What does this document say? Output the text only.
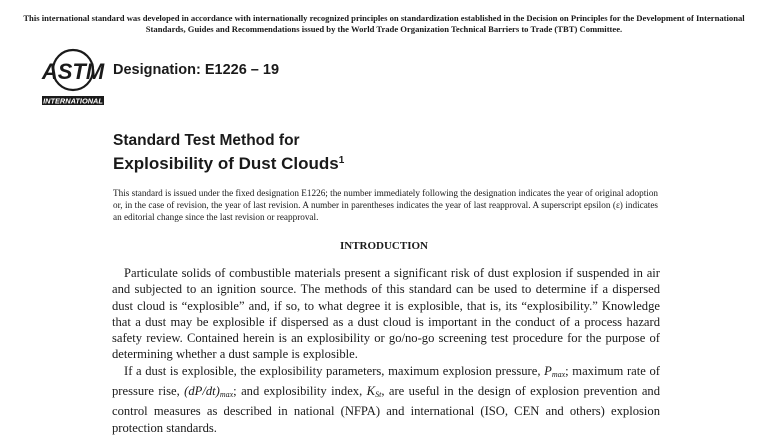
This international standard was developed in accordance with internationally recognized principles on standardization established in the Decision on Principles for the Development of International Standards, Guides and Recommendations issued by the World Trade Organization Technical Barriers to Trade (TBT) Committee.
ASTM
INTERNATIONAL
Designation: E1226 – 19
Standard Test Method for
Explosibility of Dust Clouds$^1$
This standard is issued under the fixed designation E1226; the number immediately following the designation indicates the year of original adoption or, in the case of revision, the year of last revision. A number in parentheses indicates the year of last reapproval. A superscript epsilon (ε) indicates an editorial change since the last revision or reapproval.
INTRODUCTION

Particulate solids of combustible materials present a significant risk of dust explosion if suspended in air and subjected to an ignition source. The methods of this standard can be used to determine if a dispersed dust cloud is “explosible” and, if so, to what degree it is explosible, that is, its “explosibility.” Knowledge that a dust may be explosible if dispersed as a dust cloud is important in the conduct of a process hazard safety review. Contained herein is an explosibility or go/no-go screening test procedure for the purpose of determining whether a dust sample is explosible.

If a dust is explosible, the explosibility parameters, maximum explosion pressure, $P_{max}$; maximum rate of pressure rise, $(dP/dt)_{max}$; and explosibility index, $K_{St}$, are useful in the design of explosion prevention and control measures as described in national (NFPA) and international (ISO, CEN and others) explosion protection standards.
